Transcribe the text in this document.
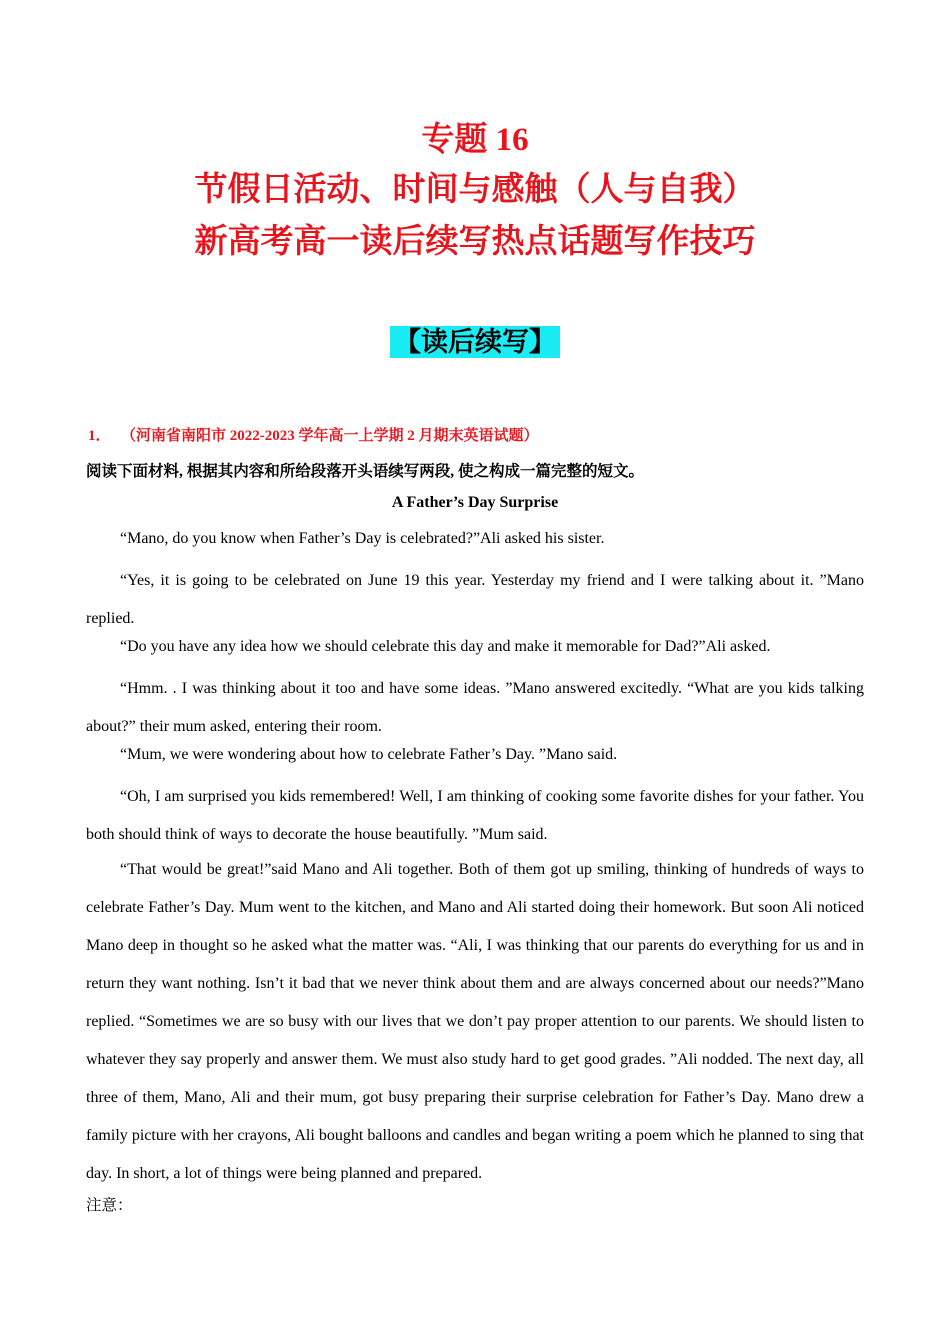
专题 16
节假日活动、时间与感触（人与自我）
新高考高一读后续写热点话题写作技巧
【读后续写】
1． （河南省南阳市 2022-2023 学年高一上学期 2 月期末英语试题）
阅读下面材料, 根据其内容和所给段落开头语续写两段, 使之构成一篇完整的短文。
A Father’s Day Surprise

“Mano, do you know when Father’s Day is celebrated?”Ali asked his sister.

“Yes, it is going to be celebrated on June 19 this year. Yesterday my friend and I were talking about it. ”Mano replied.

“Do you have any idea how we should celebrate this day and make it memorable for Dad?”Ali asked.

“Hmm. . I was thinking about it too and have some ideas. ”Mano answered excitedly. “What are you kids talking about?” their mum asked, entering their room.

“Mum, we were wondering about how to celebrate Father’s Day. ”Mano said.

“Oh, I am surprised you kids remembered! Well, I am thinking of cooking some favorite dishes for your father. You both should think of ways to decorate the house beautifully. ”Mum said.

“That would be great!”said Mano and Ali together. Both of them got up smiling, thinking of hundreds of ways to celebrate Father’s Day. Mum went to the kitchen, and Mano and Ali started doing their homework. But soon Ali noticed Mano deep in thought so he asked what the matter was. “Ali, I was thinking that our parents do everything for us and in return they want nothing. Isn’t it bad that we never think about them and are always concerned about our needs?”Mano replied. “Sometimes we are so busy with our lives that we don’t pay proper attention to our parents. We should listen to whatever they say properly and answer them. We must also study hard to get good grades. ”Ali nodded. The next day, all three of them, Mano, Ali and their mum, got busy preparing their surprise celebration for Father’s Day. Mano drew a family picture with her crayons, Ali bought balloons and candles and began writing a poem which he planned to sing that day. In short, a lot of things were being planned and prepared.

注意：
